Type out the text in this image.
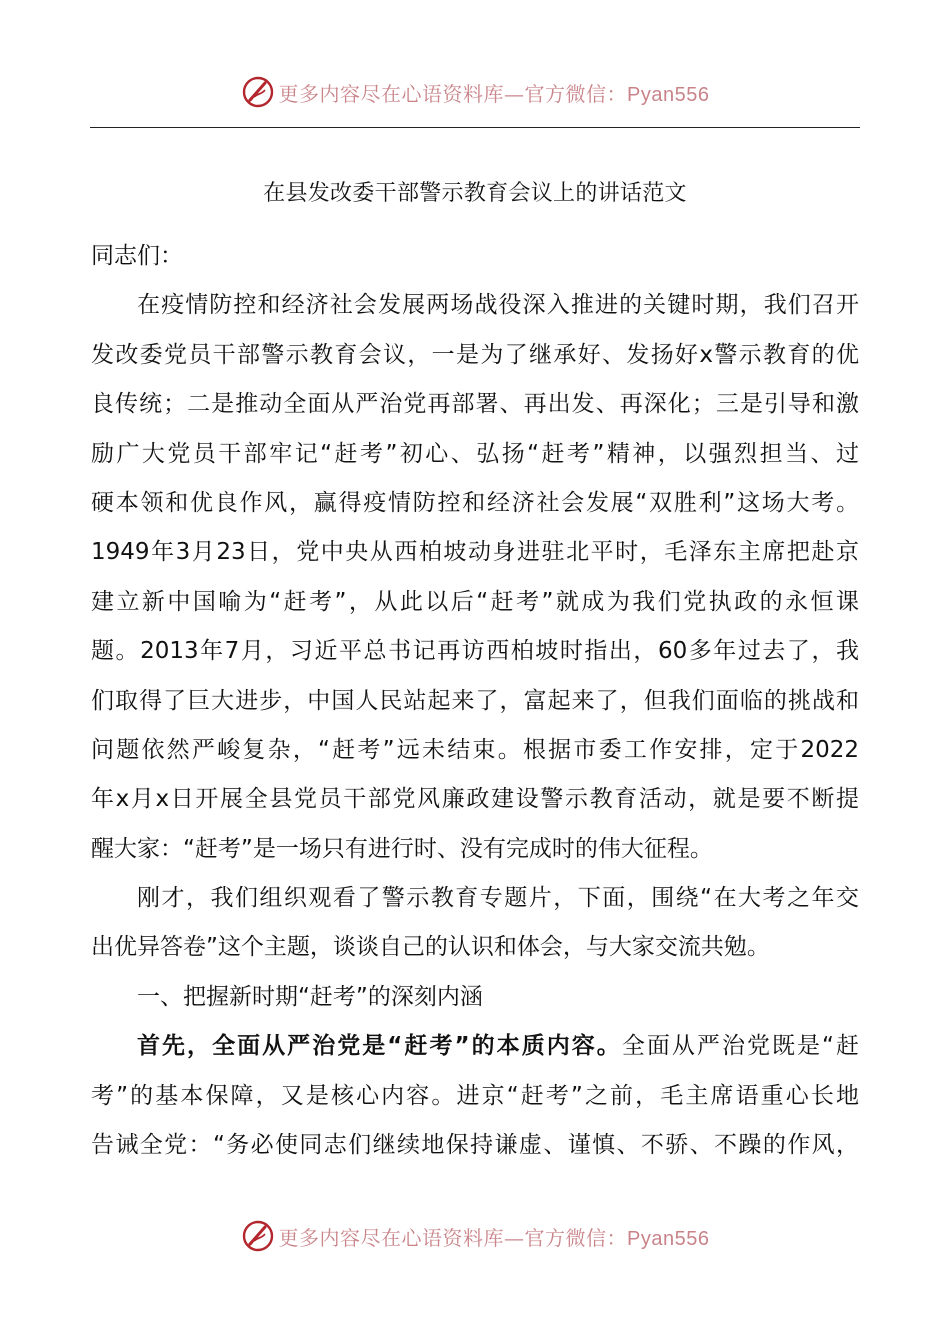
更多内容尽在心语资料库—官方微信：Pyan556
在县发改委干部警示教育会议上的讲话范文
同志们：
在疫情防控和经济社会发展两场战役深入推进的关键时期，我们召开
发改委党员干部警示教育会议，一是为了继承好、发扬好x警示教育的优
良传统；二是推动全面从严治党再部署、再出发、再深化；三是引导和激
励广大党员干部牢记“赶考”初心、弘扬“赶考”精神，以强烈担当、过
硬本领和优良作风，赢得疫情防控和经济社会发展“双胜利”这场大考。
1949年3月23日，党中央从西柏坡动身进驻北平时，毛泽东主席把赴京
建立新中国喻为“赶考”，从此以后“赶考”就成为我们党执政的永恒课
题。2013年7月，习近平总书记再访西柏坡时指出，60多年过去了，我
们取得了巨大进步，中国人民站起来了，富起来了，但我们面临的挑战和
问题依然严峻复杂，“赶考”远未结束。根据市委工作安排，定于2022
年x月x日开展全县党员干部党风廉政建设警示教育活动，就是要不断提
醒大家：“赶考”是一场只有进行时、没有完成时的伟大征程。
刚才，我们组织观看了警示教育专题片，下面，围绕“在大考之年交
出优异答卷”这个主题，谈谈自己的认识和体会，与大家交流共勉。
一、把握新时期“赶考”的深刻内涵
首先，全面从严治党是“赶考”的本质内容。全面从严治党既是“赶
考”的基本保障，又是核心内容。进京“赶考”之前，毛主席语重心长地
告诫全党：“务必使同志们继续地保持谦虚、谨慎、不骄、不躁的作风，
更多内容尽在心语资料库—官方微信：Pyan556
